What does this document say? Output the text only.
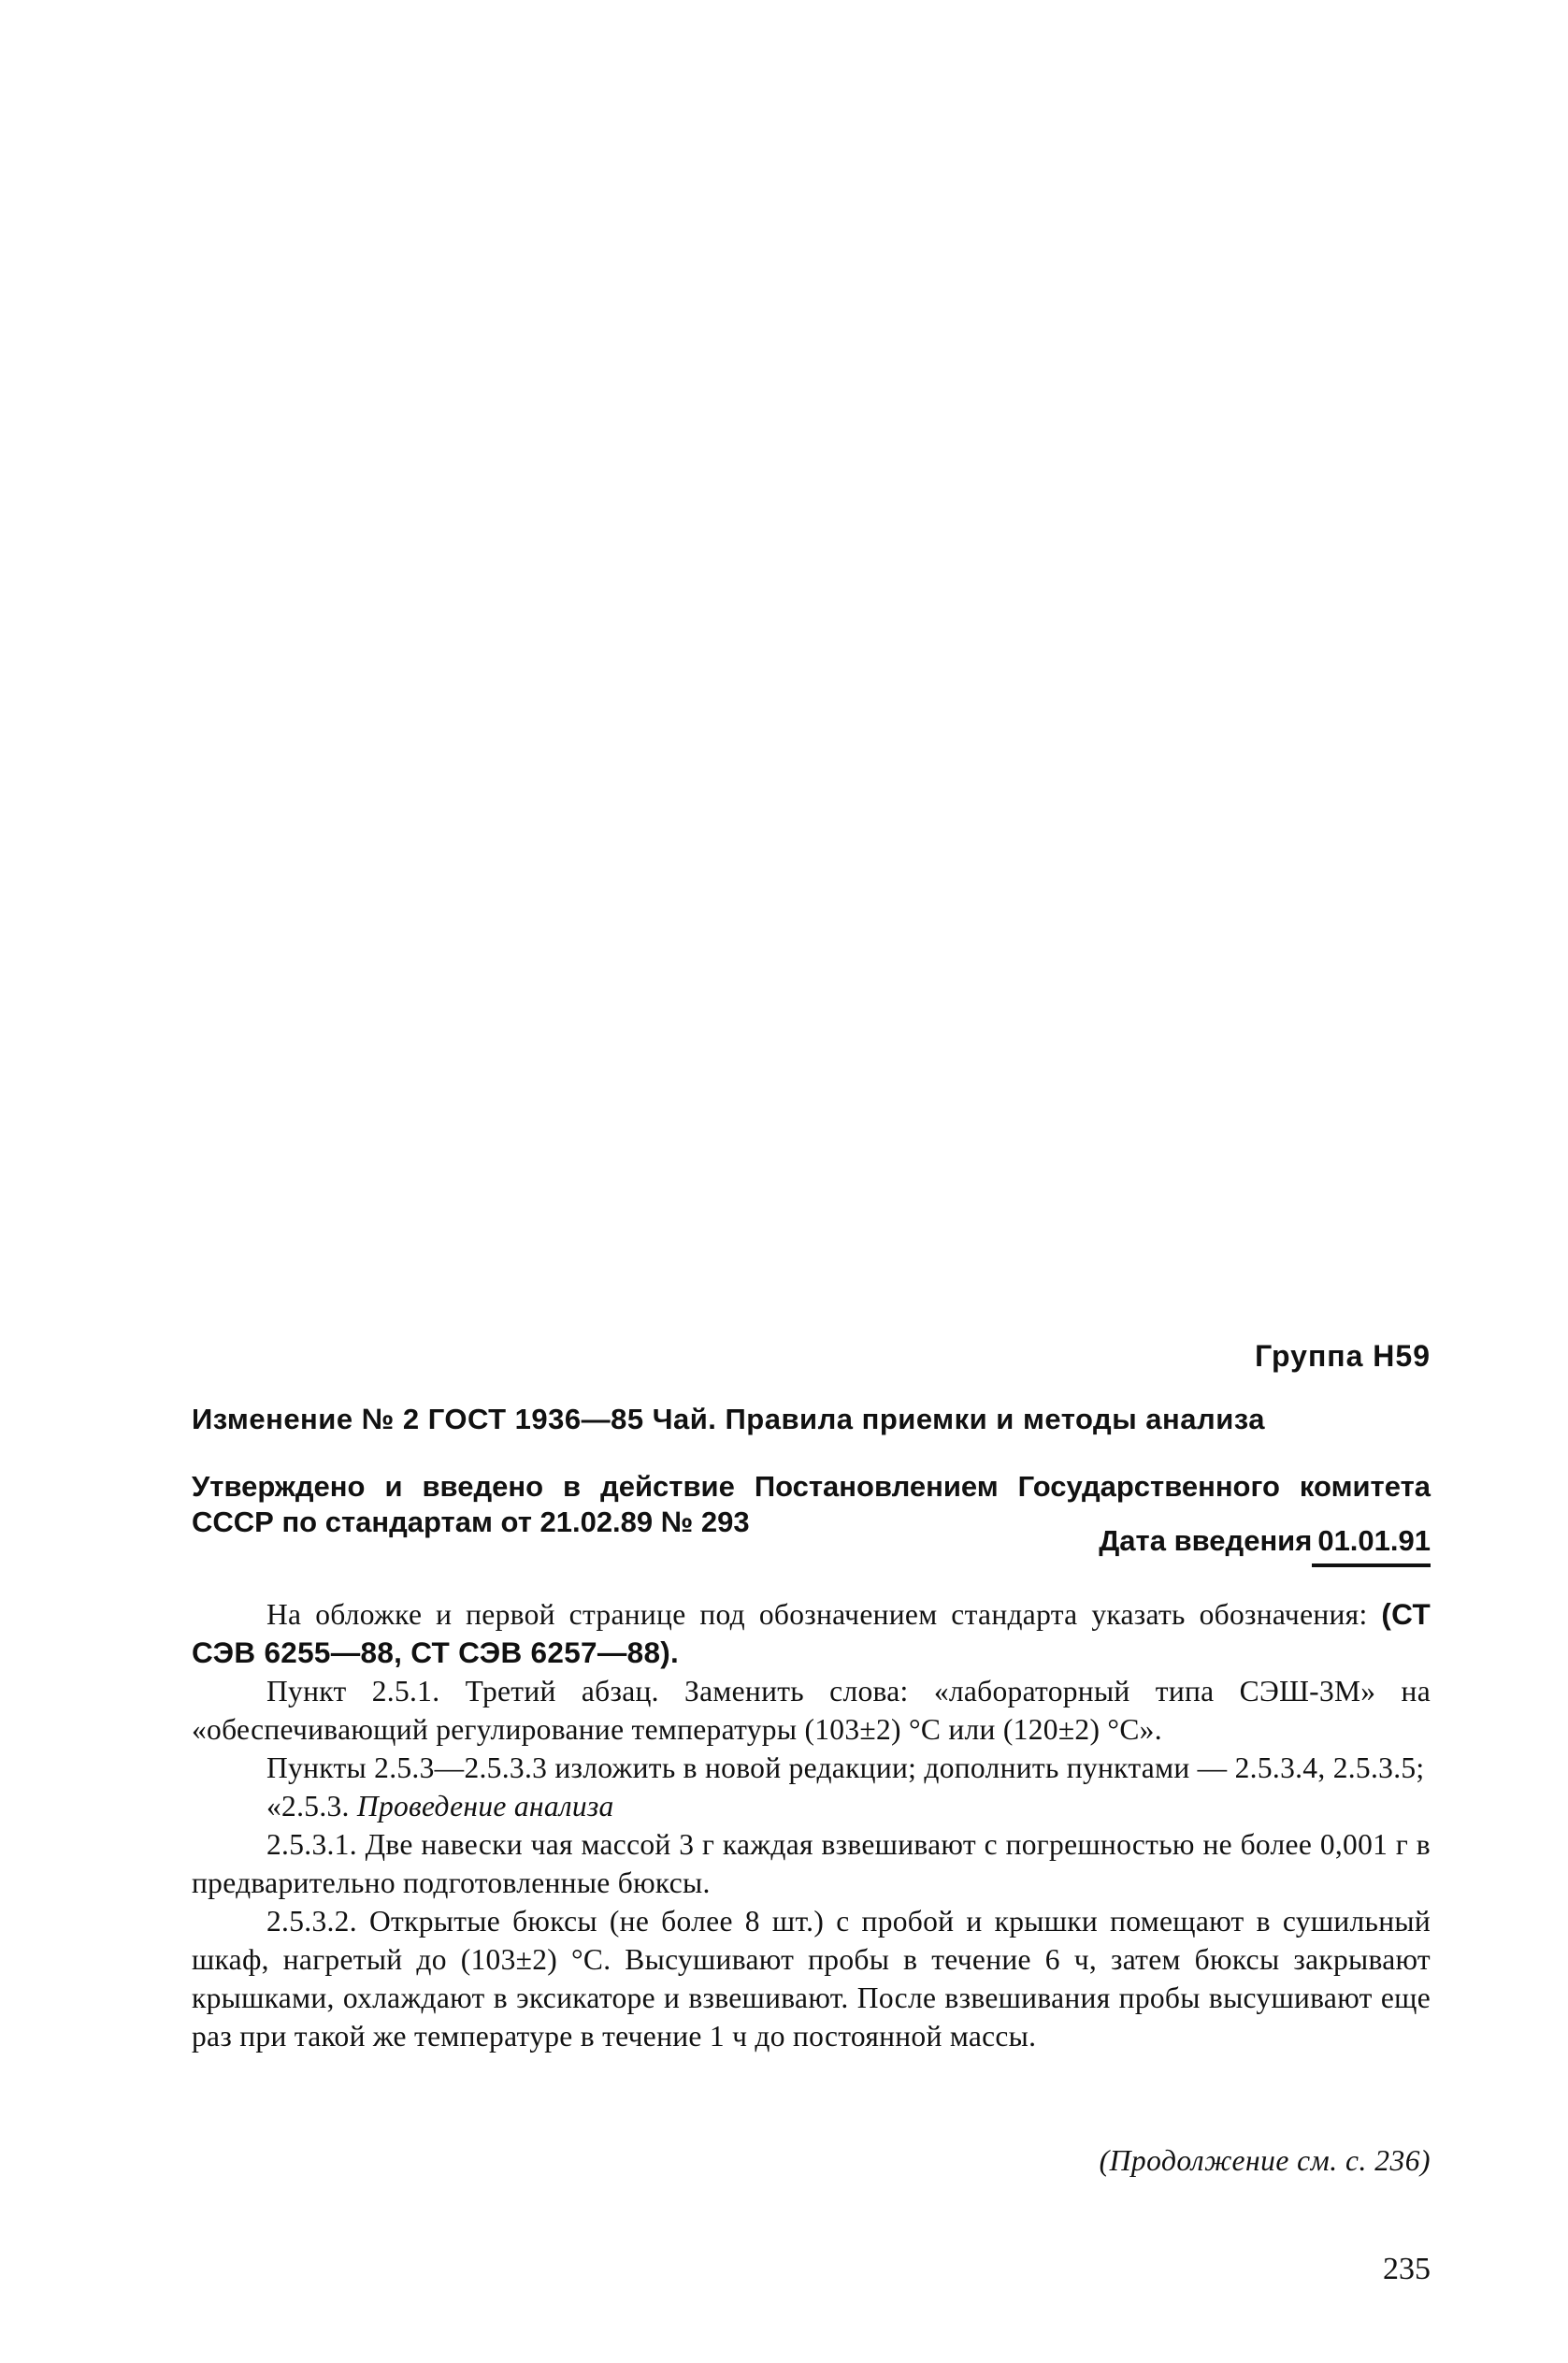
Группа Н59
Изменение № 2 ГОСТ 1936—85 Чай. Правила приемки и методы анализа
Утверждено и введено в действие Постановлением Государственного комитета СССР по стандартам от 21.02.89 № 293
Дата введения 01.01.91

На обложке и первой странице под обозначением стандарта указать обозначения: (СТ СЭВ 6255—88, СТ СЭВ 6257—88).

Пункт 2.5.1. Третий абзац. Заменить слова: «лабораторный типа СЭШ-3М» на «обеспечивающий регулирование температуры (103±2) °С или (120±2) °С».

Пункты 2.5.3—2.5.3.3 изложить в новой редакции; дополнить пунктами — 2.5.3.4, 2.5.3.5;

«2.5.3. Проведение анализа

2.5.3.1. Две навески чая массой 3 г каждая взвешивают с погрешностью не более 0,001 г в предварительно подготовленные бюксы.

2.5.3.2. Открытые бюксы (не более 8 шт.) с пробой и крышки помещают в сушильный шкаф, нагретый до (103±2) °С. Высушивают пробы в течение 6 ч, затем бюксы закрывают крышками, охлаждают в эксикаторе и взвешивают. После взвешивания пробы высушивают еще раз при такой же температуре в течение 1 ч до постоянной массы.

(Продолжение см. с. 236)
235
